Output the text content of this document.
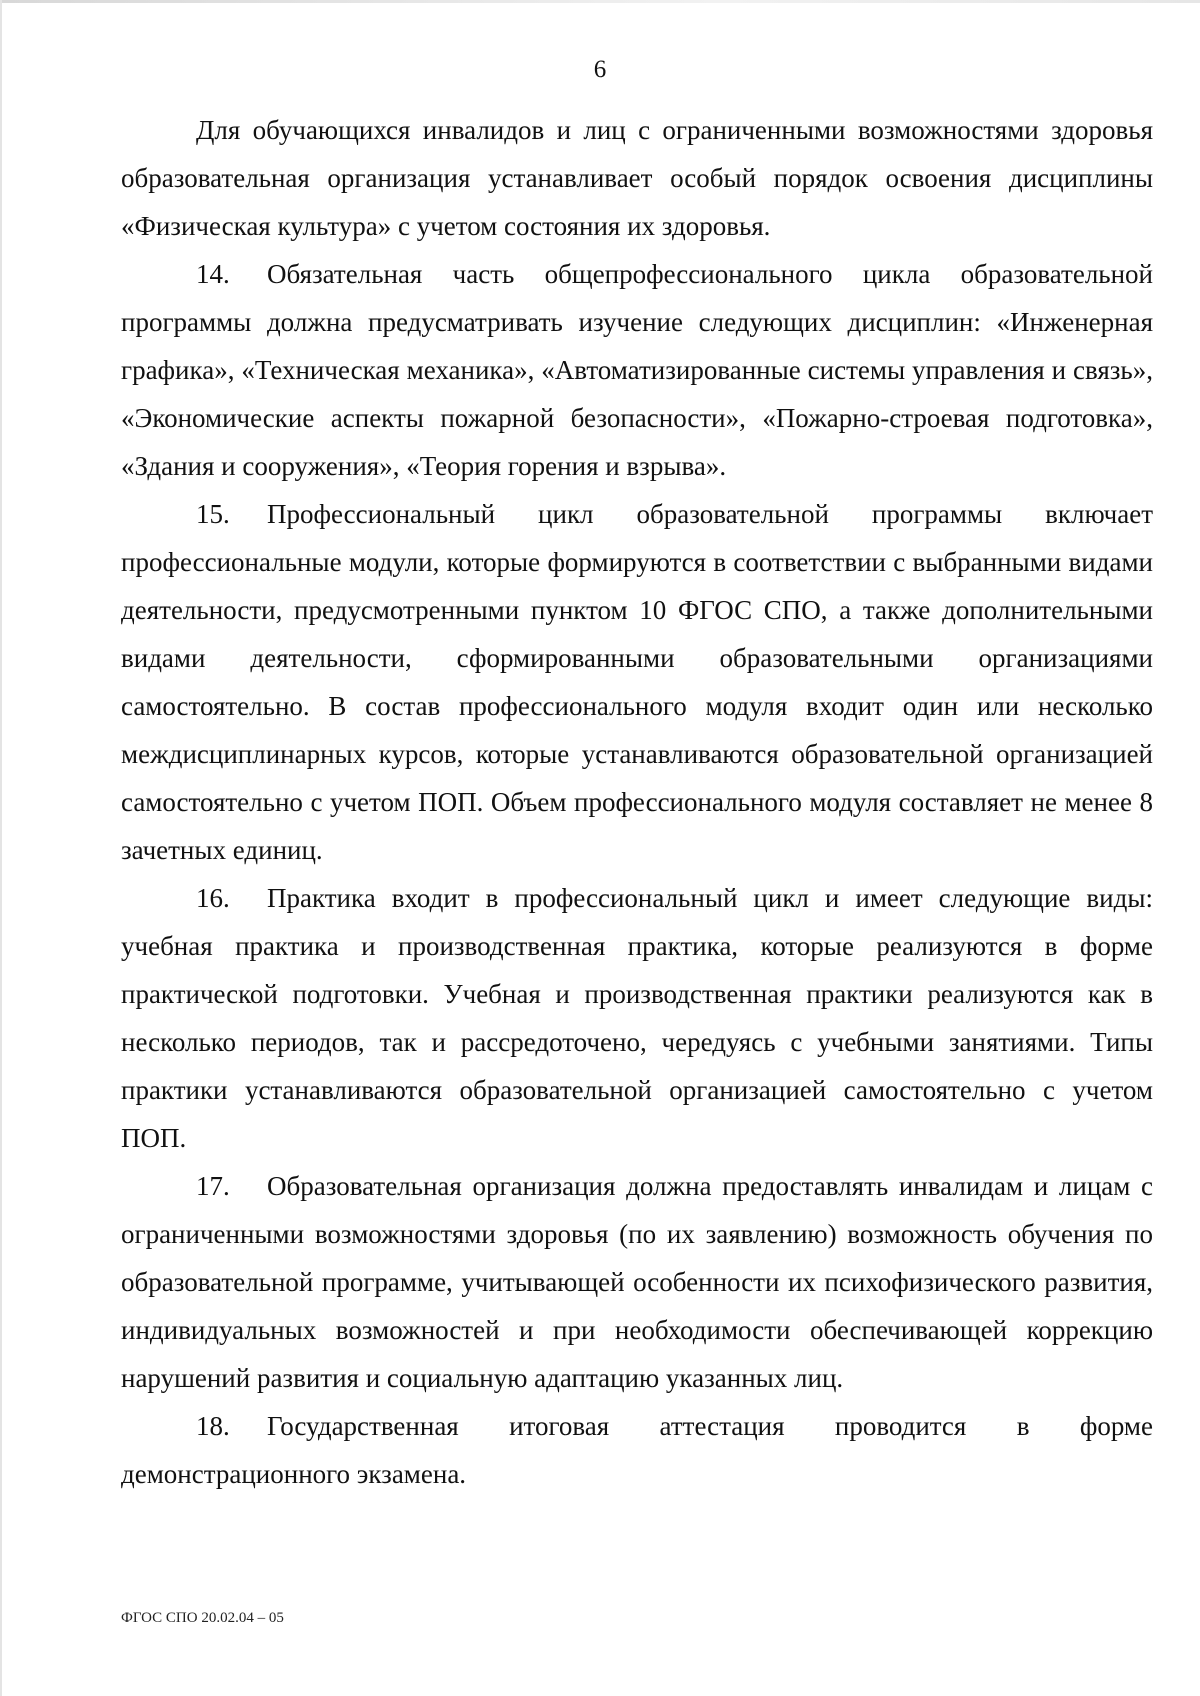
6

Для обучающихся инвалидов и лиц с ограниченными возможностями здоровья образовательная организация устанавливает особый порядок освоения дисциплины «Физическая культура» с учетом состояния их здоровья.

14. Обязательная часть общепрофессионального цикла образовательной программы должна предусматривать изучение следующих дисциплин: «Инженерная графика», «Техническая механика», «Автоматизированные системы управления и связь», «Экономические аспекты пожарной безопасности», «Пожарно-строевая подготовка», «Здания и сооружения», «Теория горения и взрыва».

15. Профессиональный цикл образовательной программы включает профессиональные модули, которые формируются в соответствии с выбранными видами деятельности, предусмотренными пунктом 10 ФГОС СПО, а также дополнительными видами деятельности, сформированными образовательными организациями самостоятельно. В состав профессионального модуля входит один или несколько междисциплинарных курсов, которые устанавливаются образовательной организацией самостоятельно с учетом ПОП. Объем профессионального модуля составляет не менее 8 зачетных единиц.

16. Практика входит в профессиональный цикл и имеет следующие виды: учебная практика и производственная практика, которые реализуются в форме практической подготовки. Учебная и производственная практики реализуются как в несколько периодов, так и рассредоточено, чередуясь с учебными занятиями. Типы практики устанавливаются образовательной организацией самостоятельно с учетом ПОП.

17. Образовательная организация должна предоставлять инвалидам и лицам с ограниченными возможностями здоровья (по их заявлению) возможность обучения по образовательной программе, учитывающей особенности их психофизического развития, индивидуальных возможностей и при необходимости обеспечивающей коррекцию нарушений развития и социальную адаптацию указанных лиц.

18. Государственная итоговая аттестация проводится в форме демонстрационного экзамена.

ФГОС СПО 20.02.04 – 05
